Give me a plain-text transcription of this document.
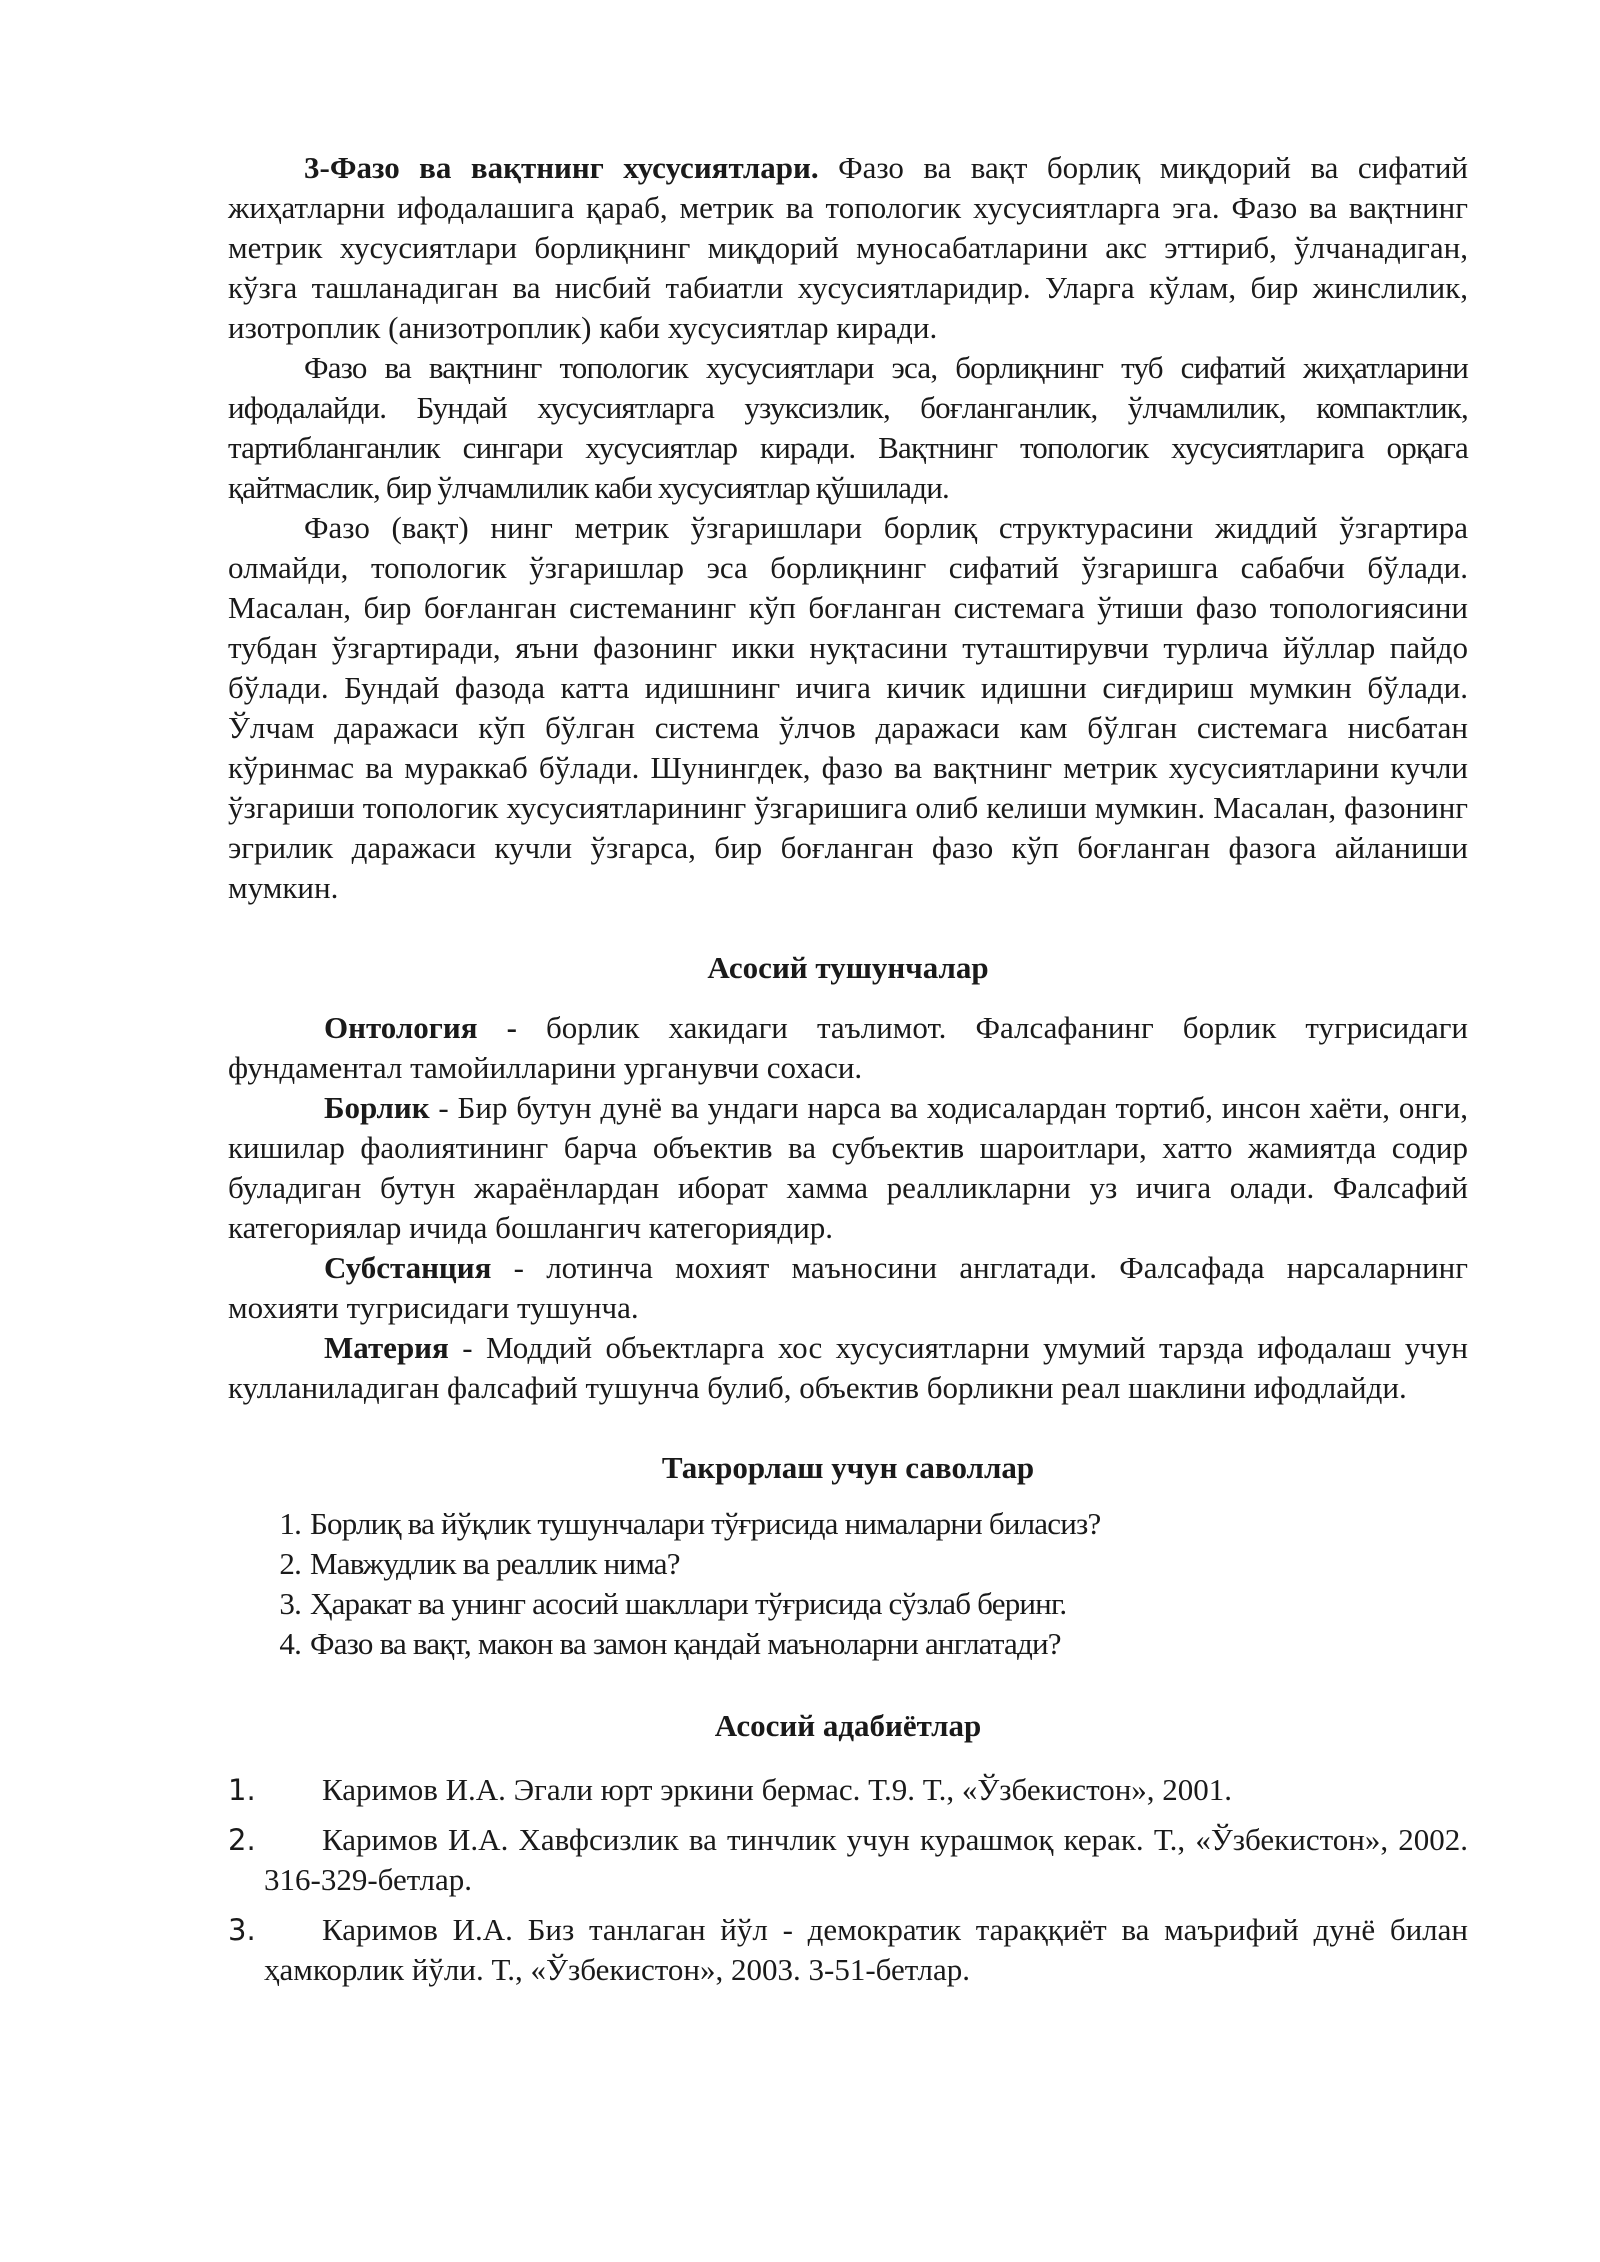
3-Фазо ва вақтнинг хусусиятлари. Фазо ва вақт борлиқ миқдорий ва сифатий жиҳатларни ифодалашига қараб, метрик ва топологик хусусиятларга эга. Фазо ва вақтнинг метрик хусусиятлари борлиқнинг миқдорий муносабатларини акс эттириб, ўлчанадиган, кўзга ташланадиган ва нисбий табиатли хусусиятларидир. Уларга кўлам, бир жинслилик, изотроплик (анизотроплик) каби хусусиятлар киради.

Фазо ва вақтнинг топологик хусусиятлари эса, борлиқнинг туб сифатий жиҳатларини ифодалайди. Бундай хусусиятларга узуксизлик, боғланганлик, ўлчамлилик, компактлик, тартибланганлик сингари хусусиятлар киради. Вақтнинг топологик хусусиятларига орқага қайтмаслик, бир ўлчамлилик каби хусусиятлар қўшилади.

Фазо (вақт) нинг метрик ўзгаришлари борлиқ структурасини жиддий ўзгартира олмайди, топологик ўзгаришлар эса борлиқнинг сифатий ўзгаришга сабабчи бўлади. Масалан, бир боғланган системанинг кўп боғланган системага ўтиши фазо топологиясини тубдан ўзгартиради, яъни фазонинг икки нуқтасини туташтирувчи турлича йўллар пайдо бўлади. Бундай фазода катта идишнинг ичига кичик идишни сиғдириш мумкин бўлади. Ўлчам даражаси кўп бўлган система ўлчов даражаси кам бўлган системага нисбатан кўринмас ва мураккаб бўлади. Шунингдек, фазо ва вақтнинг метрик хусусиятларини кучли ўзгариши топологик хусусиятларининг ўзгаришига олиб келиши мумкин. Масалан, фазонинг эгрилик даражаси кучли ўзгарса, бир боғланган фазо кўп боғланган фазога айланиши мумкин.

Асосий тушунчалар

Онтология - борлик хакидаги таълимот. Фалсафанинг борлик тугрисидаги фундаментал тамойилларини урганувчи сохаси.

Борлик - Бир бутун дунё ва ундаги нарса ва ходисалардан тортиб, инсон хаёти, онги, кишилар фаолиятининг барча объектив ва субъектив шароитлари, хатто жамиятда содир буладиган бутун жараёнлардан иборат хамма реалликларни уз ичига олади. Фалсафий категориялар ичида бошлангич категориядир.

Субстанция - лотинча мохият маъносини англатади. Фалсафада нарсаларнинг мохияти тугрисидаги тушунча.

Материя - Моддий объектларга хос хусусиятларни умумий тарзда ифодалаш учун кулланиладиган фалсафий тушунча булиб, объектив борликни реал шаклини ифодлайди.

Такрорлаш учун саволлар

1. Борлиқ ва йўқлик тушунчалари тўғрисида нималарни биласиз?
2. Мавжудлик ва реаллик нима?
3. Ҳаракат ва унинг асосий шакллари тўғрисида сўзлаб беринг.
4. Фазо ва вақт, макон ва замон қандай маъноларни англатади?

Асосий адабиётлар

1.	Каримов И.А. Эгали юрт эркини бермас. Т.9. Т., «Ўзбекистон», 2001.
2.	Каримов И.А. Хавфсизлик ва тинчлик учун курашмоқ керак. Т., «Ўзбекистон», 2002. 316-329-бетлар.
3.	Каримов И.А. Биз танлаган йўл - демократик тараққиёт ва маърифий дунё билан ҳамкорлик йўли. Т., «Ўзбекистон», 2003. 3-51-бетлар.
